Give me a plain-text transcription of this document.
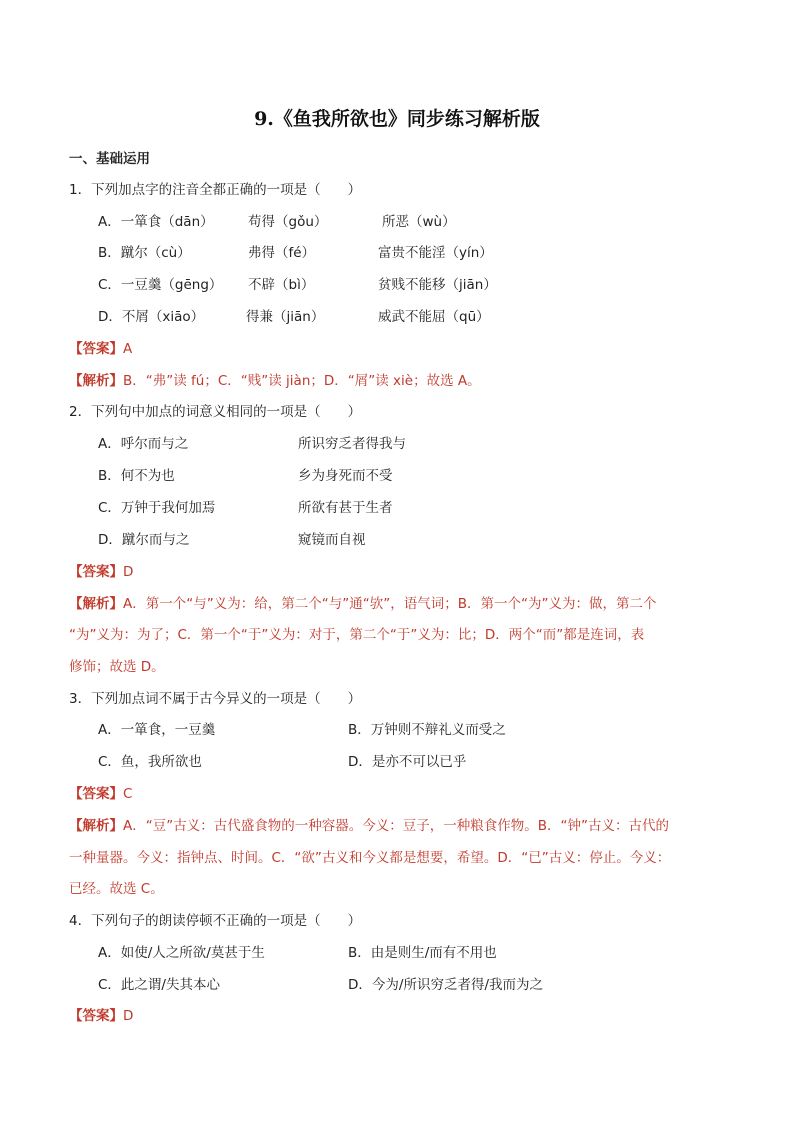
9.《鱼我所欲也》同步练习解析版
一、基础运用
1．下列加点字的注音全都正确的一项是（　　）
A．一箪食（dān）	苟得（gǒu）	所恶（wù）
B．蹴尔（cù）	弗得（fé）	富贵不能淫（yín）
C．一豆羹（gēng） 不辟（bì）	贫贱不能移（jiān）
D．不屑（xiāo）	得兼（jiān）	威武不能屈（qū）
【答案】A
【解析】B．“弗”读 fú；C．“贱”读 jiàn；D．“屑”读 xiè；故选 A。
2．下列句中加点的词意义相同的一项是（　　）
A．呼尔而与之	所识穷乏者得我与
B．何不为也	乡为身死而不受
C．万钟于我何加焉	所欲有甚于生者
D．蹴尔而与之	窥镜而自视
【答案】D
【解析】A．第一个“与”义为：给，第二个“与”通“欤”，语气词；B．第一个“为”义为：做，第二个
“为”义为：为了；C．第一个“于”义为：对于，第二个“于”义为：比；D．两个“而”都是连词，表
修饰；故选 D。
3．下列加点词不属于古今异义的一项是（　　）
A．一箪食，一豆羹	B．万钟则不辩礼义而受之
C．鱼，我所欲也	D．是亦不可以已乎
【答案】C
【解析】A．“豆”古义：古代盛食物的一种容器。今义：豆子，一种粮食作物。B．“钟”古义：古代的
一种量器。今义：指钟点、时间。C．“欲”古义和今义都是想要，希望。D．“已”古义：停止。今义：
已经。故选 C。
4．下列句子的朗读停顿不正确的一项是（　　）
A．如使/人之所欲/莫甚于生	B．由是则生/而有不用也
C．此之谓/失其本心	D．今为/所识穷乏者得/我而为之
【答案】D
